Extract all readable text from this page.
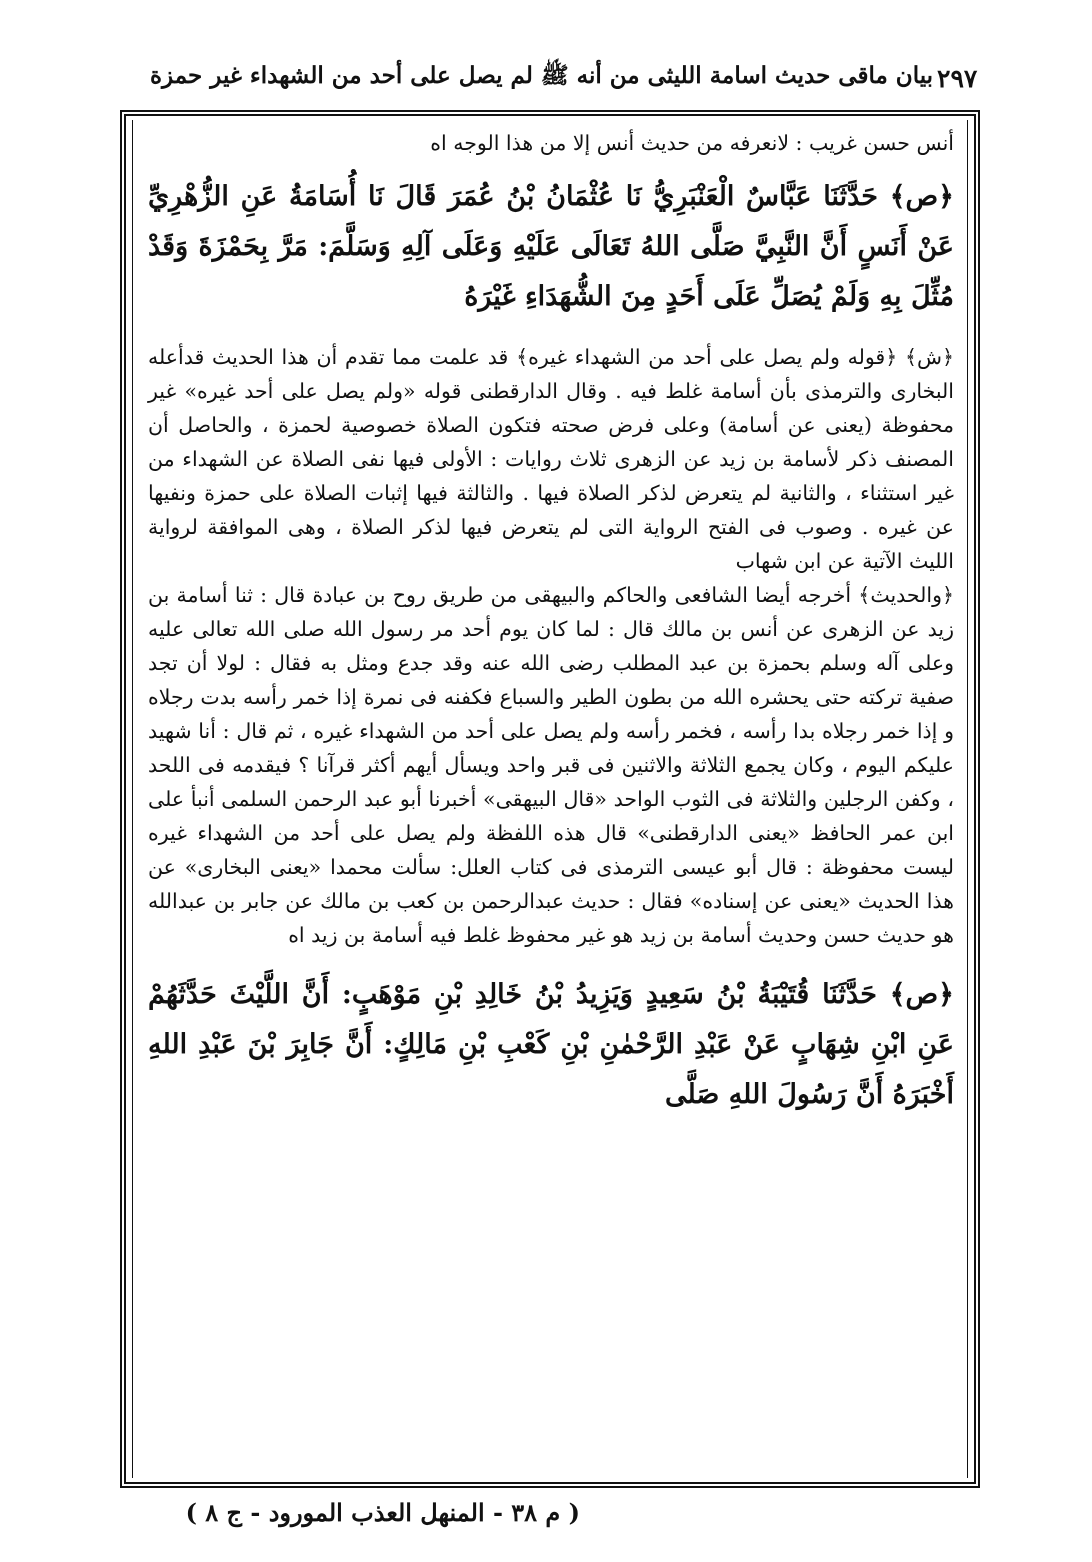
بيان ماقى حديث اسامة الليثى من أنه ﷺ لم يصل على أحد من الشهداء غير حمزة ٢٩٧

أنس حسن غريب : لانعرفه من حديث أنس إلا من هذا الوجه اه

﴿ص﴾ حَدَّثَنَا عَبَّاسٌ الْعَنْبَرِيُّ نَا عُثْمَانُ بْنُ عُمَرَ قَالَ نَا أُسَامَةُ عَنِ الزُّهْرِيِّ عَنْ أَنَسٍ أَنَّ النَّبِيَّ صَلَّى اللهُ تَعَالَى عَلَيْهِ وَعَلَى آلِهِ وَسَلَّمَ: مَرَّ بِحَمْزَةَ وَقَدْ مُثِّلَ بِهِ وَلَمْ يُصَلِّ عَلَى أَحَدٍ مِنَ الشُّهَدَاءِ غَيْرَهُ

﴿ش﴾ ﴿قوله ولم يصل على أحد من الشهداء غيره﴾ قد علمت مما تقدم أن هذا الحديث قدأعله البخارى والترمذى بأن أسامة غلط فيه . وقال الدارقطنى قوله «ولم يصل على أحد غيره» غير محفوظة (يعنى عن أسامة) وعلى فرض صحته فتكون الصلاة خصوصية لحمزة ، والحاصل أن المصنف ذكر لأسامة بن زيد عن الزهرى ثلاث روايات : الأولى فيها نفى الصلاة عن الشهداء من غير استثناء ، والثانية لم يتعرض لذكر الصلاة فيها . والثالثة فيها إثبات الصلاة على حمزة ونفيها عن غيره . وصوب فى الفتح الرواية التى لم يتعرض فيها لذكر الصلاة ، وهى الموافقة لرواية الليث الآتية عن ابن شهاب

﴿والحديث﴾ أخرجه أيضا الشافعى والحاكم والبيهقى من طريق روح بن عبادة قال : ثنا أسامة بن زيد عن الزهرى عن أنس بن مالك قال : لما كان يوم أحد مر رسول الله صلى الله تعالى عليه وعلى آله وسلم بحمزة بن عبد المطلب رضى الله عنه وقد جدع ومثل به فقال : لولا أن تجد صفية تركته حتى يحشره الله من بطون الطير والسباع فكفنه فى نمرة إذا خمر رأسه بدت رجلاه و إذا خمر رجلاه بدا رأسه ، فخمر رأسه ولم يصل على أحد من الشهداء غيره ، ثم قال : أنا شهيد عليكم اليوم ، وكان يجمع الثلاثة والاثنين فى قبر واحد ويسأل أيهم أكثر قرآنا ؟ فيقدمه فى اللحد ، وكفن الرجلين والثلاثة فى الثوب الواحد «قال البيهقى» أخبرنا أبو عبد الرحمن السلمى أنبأ على ابن عمر الحافظ «يعنى الدارقطنى» قال هذه اللفظة ولم يصل على أحد من الشهداء غيره ليست محفوظة : قال أبو عيسى الترمذى فى كتاب العلل: سألت محمدا «يعنى البخارى» عن هذا الحديث «يعنى عن إسناده» فقال : حديث عبدالرحمن بن كعب بن مالك عن جابر بن عبدالله هو حديث حسن وحديث أسامة بن زيد هو غير محفوظ غلط فيه أسامة بن زيد اه

﴿ص﴾ حَدَّثَنَا قُتَيْبَةُ بْنُ سَعِيدٍ وَيَزِيدُ بْنُ خَالِدِ بْنِ مَوْهَبٍ: أَنَّ اللَّيْثَ حَدَّثَهُمْ عَنِ ابْنِ شِهَابٍ عَنْ عَبْدِ الرَّحْمٰنِ بْنِ كَعْبِ بْنِ مَالِكٍ: أَنَّ جَابِرَ بْنَ عَبْدِ اللهِ أَخْبَرَهُ أَنَّ رَسُولَ اللهِ صَلَّى

( م ٣٨ - المنهل العذب المورود - ج ٨ )
